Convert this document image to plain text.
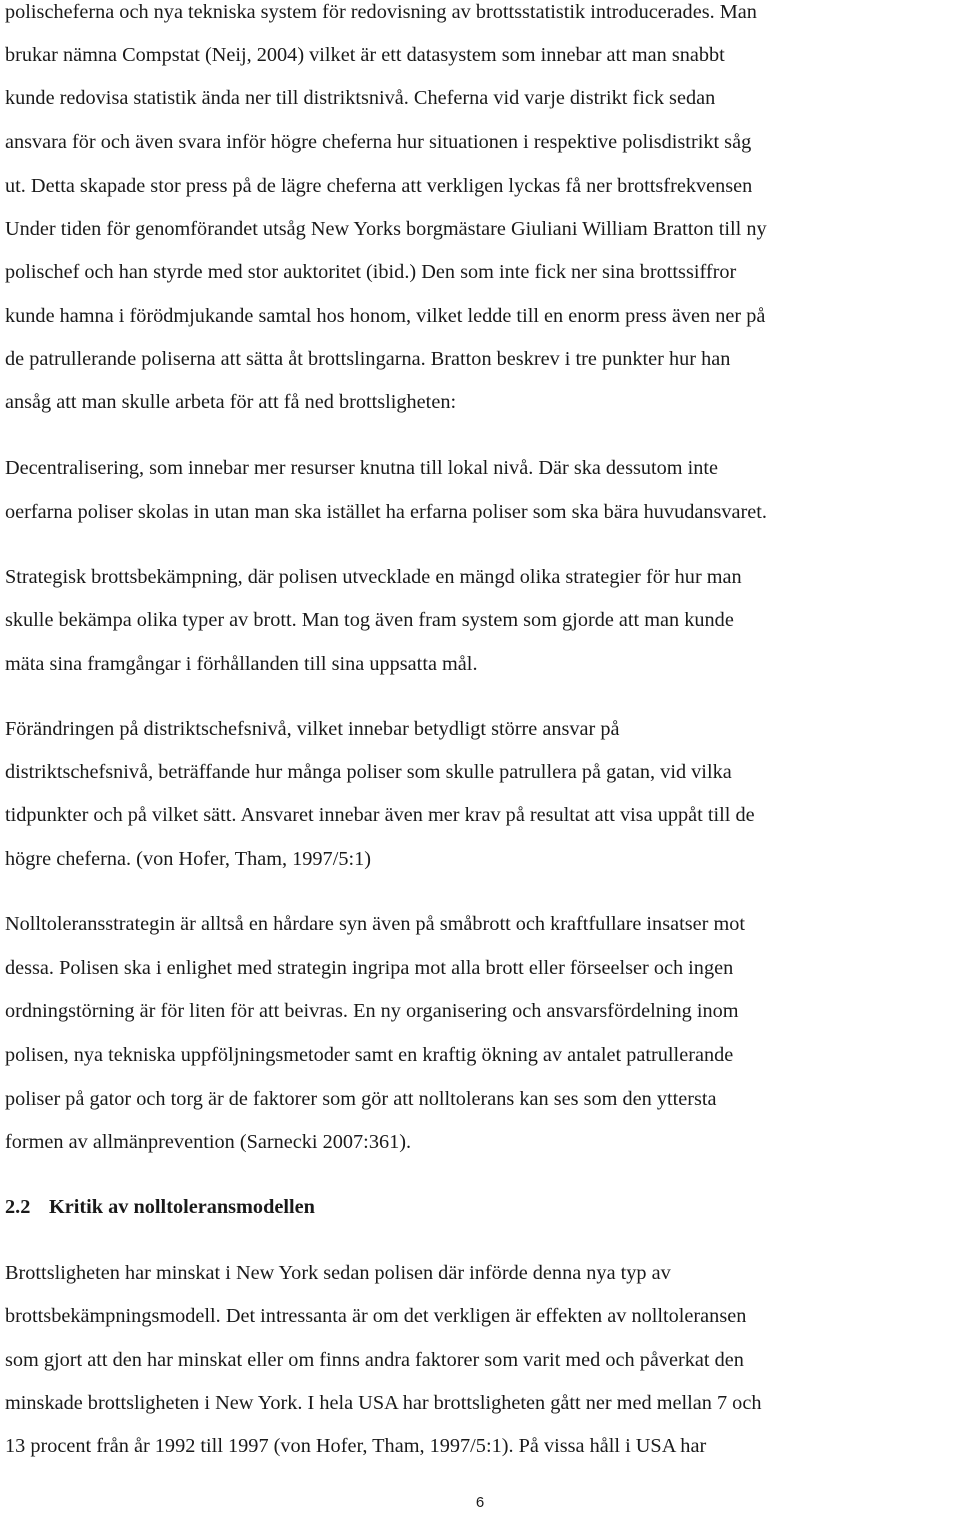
polischeferna och nya tekniska system för redovisning av brottsstatistik introducerades. Man

brukar nämna Compstat (Neij, 2004) vilket är ett datasystem som innebar att man snabbt

kunde redovisa statistik ända ner till distriktsnivå. Cheferna vid varje distrikt fick sedan

ansvara för och även svara inför högre cheferna hur situationen i respektive polisdistrikt såg

ut. Detta skapade stor press på de lägre cheferna att verkligen lyckas få ner brottsfrekvensen

Under tiden för genomförandet utsåg New Yorks borgmästare Giuliani William Bratton till ny

polischef och han styrde med stor auktoritet (ibid.) Den som inte fick ner sina brottssiffror

kunde hamna i förödmjukande samtal hos honom, vilket ledde till en enorm press även ner på

de patrullerande poliserna att sätta åt brottslingarna. Bratton beskrev i tre punkter hur han

ansåg att man skulle arbeta för att få ned brottsligheten:

Decentralisering, som innebar mer resurser knutna till lokal nivå. Där ska dessutom inte

oerfarna poliser skolas in utan man ska istället ha erfarna poliser som ska bära huvudansvaret.

Strategisk brottsbekämpning, där polisen utvecklade en mängd olika strategier för hur man

skulle bekämpa olika typer av brott. Man tog även fram system som gjorde att man kunde

mäta sina framgångar i förhållanden till sina uppsatta mål.

Förändringen på distriktschefsnivå, vilket innebar betydligt större ansvar på

distriktschefsnivå, beträffande hur många poliser som skulle patrullera på gatan, vid vilka

tidpunkter och på vilket sätt. Ansvaret innebar även mer krav på resultat att visa uppåt till de

högre cheferna. (von Hofer, Tham, 1997/5:1)

Nolltoleransstrategin är alltså en hårdare syn även på småbrott och kraftfullare insatser mot

dessa. Polisen ska i enlighet med strategin ingripa mot alla brott eller förseelser och ingen

ordningstörning är för liten för att beivras. En ny organisering och ansvarsfördelning inom

polisen, nya tekniska uppföljningsmetoder samt en kraftig ökning av antalet patrullerande

poliser på gator och torg är de faktorer som gör att nolltolerans kan ses som den yttersta

formen av allmänprevention (Sarnecki 2007:361).

2.2 Kritik av nolltoleransmodellen

Brottsligheten har minskat i New York sedan polisen där införde denna nya typ av

brottsbekämpningsmodell. Det intressanta är om det verkligen är effekten av nolltoleransen

som gjort att den har minskat eller om finns andra faktorer som varit med och påverkat den

minskade brottsligheten i New York. I hela USA har brottsligheten gått ner med mellan 7 och

13 procent från år 1992 till 1997 (von Hofer, Tham, 1997/5:1). På vissa håll i USA har

6
